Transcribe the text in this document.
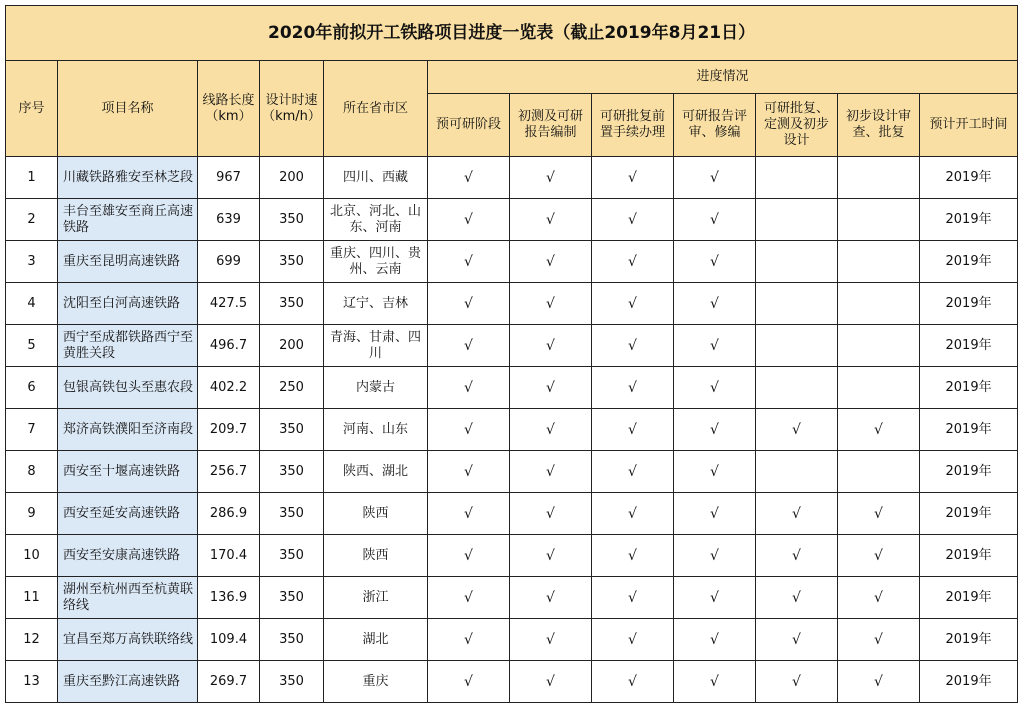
2020年前拟开工铁路项目进度一览表（截止2019年8月21日）											
序号	项目名称	线路长度（km）	设计时速（km/h）	所在省市区	进度情况						
					预可研阶段	初测及可研报告编制	可研批复前置手续办理	可研报告评审、修编	可研批复、定测及初步设计	初步设计审查、批复	预计开工时间
1	川藏铁路雅安至林芝段	967	200	四川、西藏	√	√	√	√			2019年
2	丰台至雄安至商丘高速铁路	639	350	北京、河北、山东、河南	√	√	√	√			2019年
3	重庆至昆明高速铁路	699	350	重庆、四川、贵州、云南	√	√	√	√			2019年
4	沈阳至白河高速铁路	427.5	350	辽宁、吉林	√	√	√	√			2019年
5	西宁至成都铁路西宁至黄胜关段	496.7	200	青海、甘肃、四川	√	√	√	√			2019年
6	包银高铁包头至惠农段	402.2	250	内蒙古	√	√	√	√			2019年
7	郑济高铁濮阳至济南段	209.7	350	河南、山东	√	√	√	√	√	√	2019年
8	西安至十堰高速铁路	256.7	350	陕西、湖北	√	√	√	√			2019年
9	西安至延安高速铁路	286.9	350	陕西	√	√	√	√	√	√	2019年
10	西安至安康高速铁路	170.4	350	陕西	√	√	√	√	√	√	2019年
11	湖州至杭州西至杭黄联络线	136.9	350	浙江	√	√	√	√	√	√	2019年
12	宜昌至郑万高铁联络线	109.4	350	湖北	√	√	√	√	√	√	2019年
13	重庆至黔江高速铁路	269.7	350	重庆	√	√	√	√	√	√	2019年
